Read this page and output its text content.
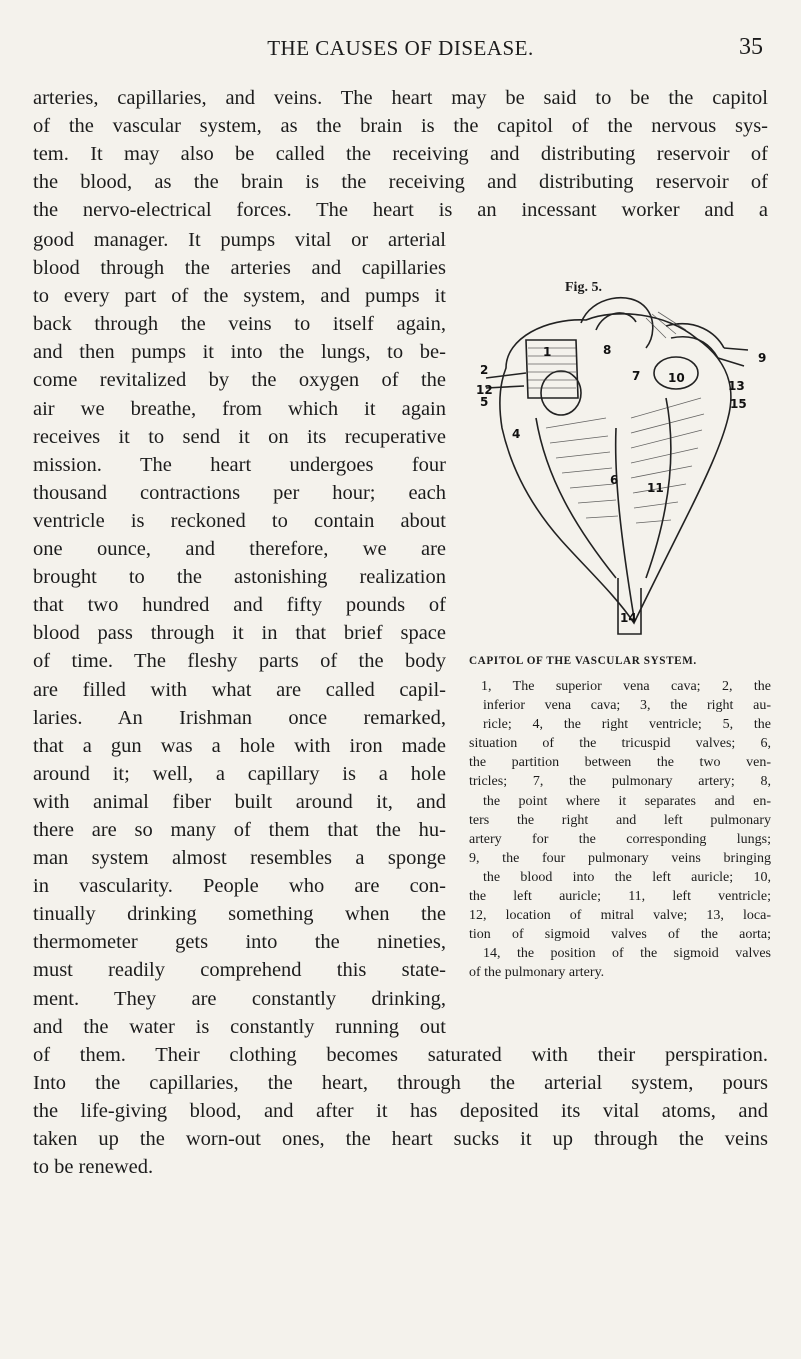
THE CAUSES OF DISEASE.	35
arteries, capillaries, and veins. The heart may be said to be the capitol
of the vascular system, as the brain is the capitol of the nervous sys-
tem. It may also be called the receiving and distributing reservoir of
the blood, as the brain is the receiving and distributing reservoir of
the nervo-electrical forces. The heart is an incessant worker and a
good manager. It pumps vital or arterial
blood through the arteries and capillaries
to every part of the system, and pumps it
back through the veins to itself again,
and then pumps it into the lungs, to be-
come revitalized by the oxygen of the
air we breathe, from which it again
receives it to send it on its recuperative
mission. The heart undergoes four
thousand contractions per hour; each
ventricle is reckoned to contain about
one ounce, and therefore, we are
brought to the astonishing realization
that two hundred and fifty pounds of
blood pass through it in that brief space
of time. The fleshy parts of the body
are filled with what are called capil-
laries. An Irishman once remarked,
that a gun was a hole with iron made
around it; well, a capillary is a hole
with animal fiber built around it, and
there are so many of them that the hu-
man system almost resembles a sponge
in vascularity. People who are con-
tinually drinking something when the
thermometer gets into the nineties,
must readily comprehend this state-
ment. They are constantly drinking,
and the water is constantly running out
Fig. 5.
1
2
4
5
6
7
8
9
10
11
12	13
14
15
CAPITOL OF THE VASCULAR SYSTEM.
1, The superior vena cava; 2, the
inferior vena cava; 3, the right au-
ricle; 4, the right ventricle; 5, the
situation of the tricuspid valves; 6,
the partition between the two ven-
tricles; 7, the pulmonary artery; 8,
the point where it separates and en-
ters the right and left pulmonary
artery for the corresponding lungs;
9, the four pulmonary veins bringing
the blood into the left auricle; 10,
the left auricle; 11, left ventricle;
12, location of mitral valve; 13, loca-
tion of sigmoid valves of the aorta;
14, the position of the sigmoid valves
of the pulmonary artery.
of them. Their clothing becomes saturated with their perspiration.
Into the capillaries, the heart, through the arterial system, pours
the life-giving blood, and after it has deposited its vital atoms, and
taken up the worn-out ones, the heart sucks it up through the veins
to be renewed.
